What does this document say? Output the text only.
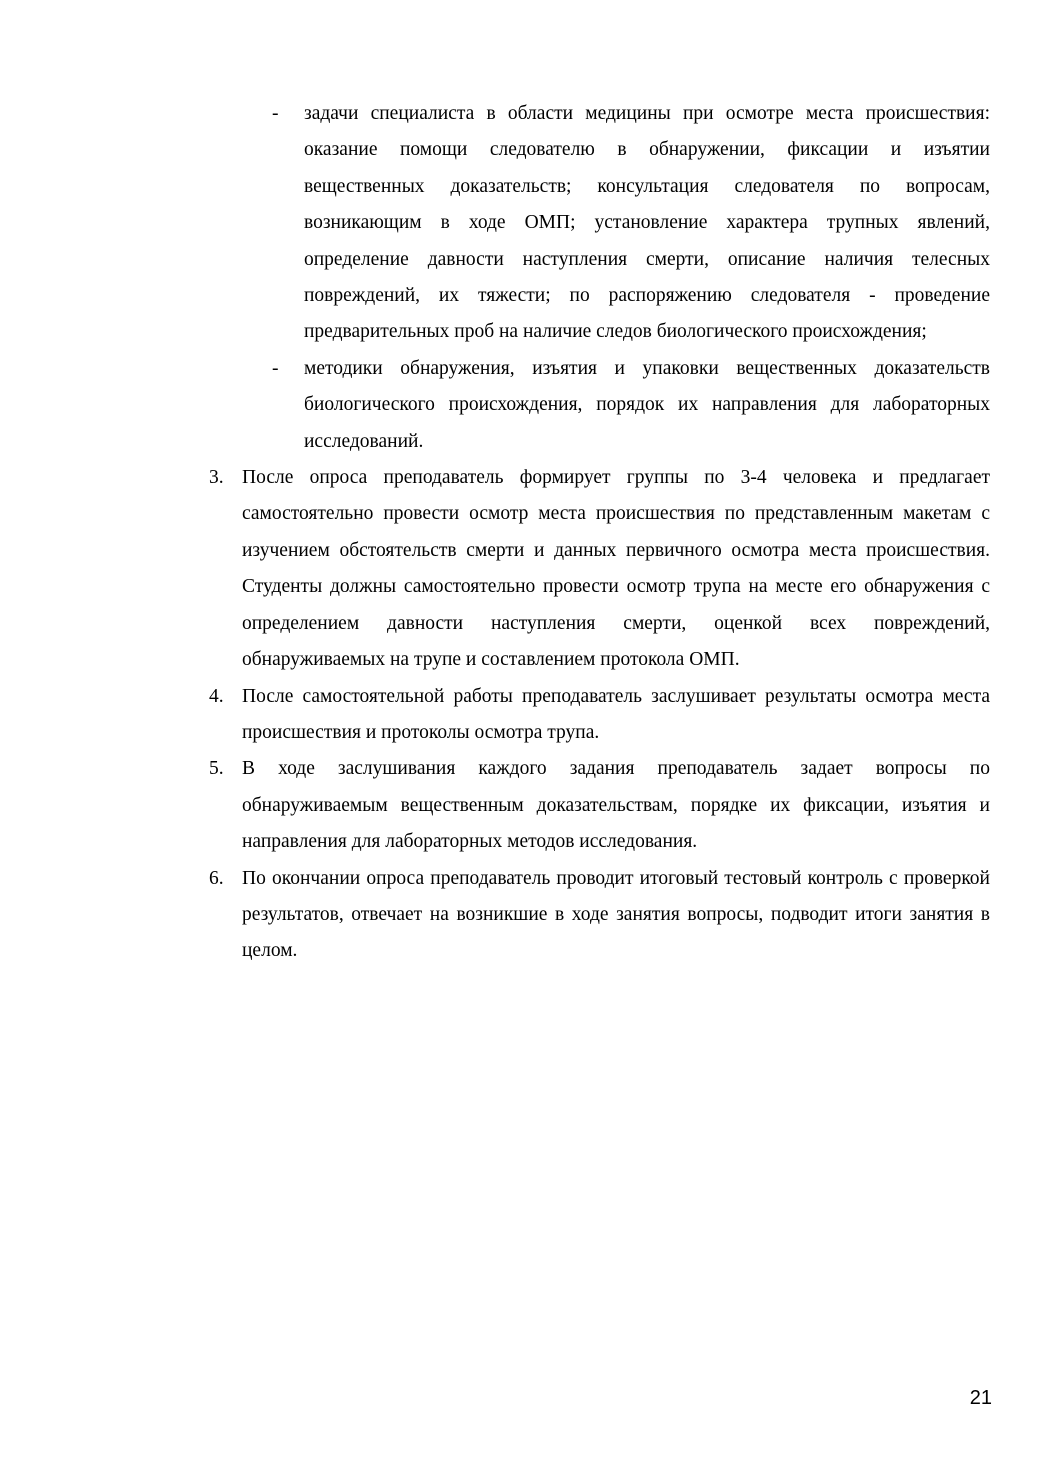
- задачи специалиста в области медицины при осмотре места происшествия: оказание помощи следователю в обнаружении, фиксации и изъятии вещественных доказательств; консультация следователя по вопросам, возникающим в ходе ОМП; установление характера трупных явлений, определение давности наступления смерти, описание наличия телесных повреждений, их тяжести; по распоряжению следователя - проведение предварительных проб на наличие следов биологического происхождения;
- методики обнаружения, изъятия и упаковки вещественных доказательств биологического происхождения, порядок их направления для лабораторных исследований.
3. После опроса преподаватель формирует группы по 3-4 человека и предлагает самостоятельно провести осмотр места происшествия по представленным макетам с изучением обстоятельств смерти и данных первичного осмотра места происшествия. Студенты должны самостоятельно провести осмотр трупа на месте его обнаружения с определением давности наступления смерти, оценкой всех повреждений, обнаруживаемых на трупе и составлением протокола ОМП.
4. После самостоятельной работы преподаватель заслушивает результаты осмотра места происшествия и протоколы осмотра трупа.
5. В ходе заслушивания каждого задания преподаватель задает вопросы по обнаруживаемым вещественным доказательствам, порядке их фиксации, изъятия и направления для лабораторных методов исследования.
6. По окончании опроса преподаватель проводит итоговый тестовый контроль с проверкой результатов, отвечает на возникшие в ходе занятия вопросы, подводит итоги занятия в целом.
21
